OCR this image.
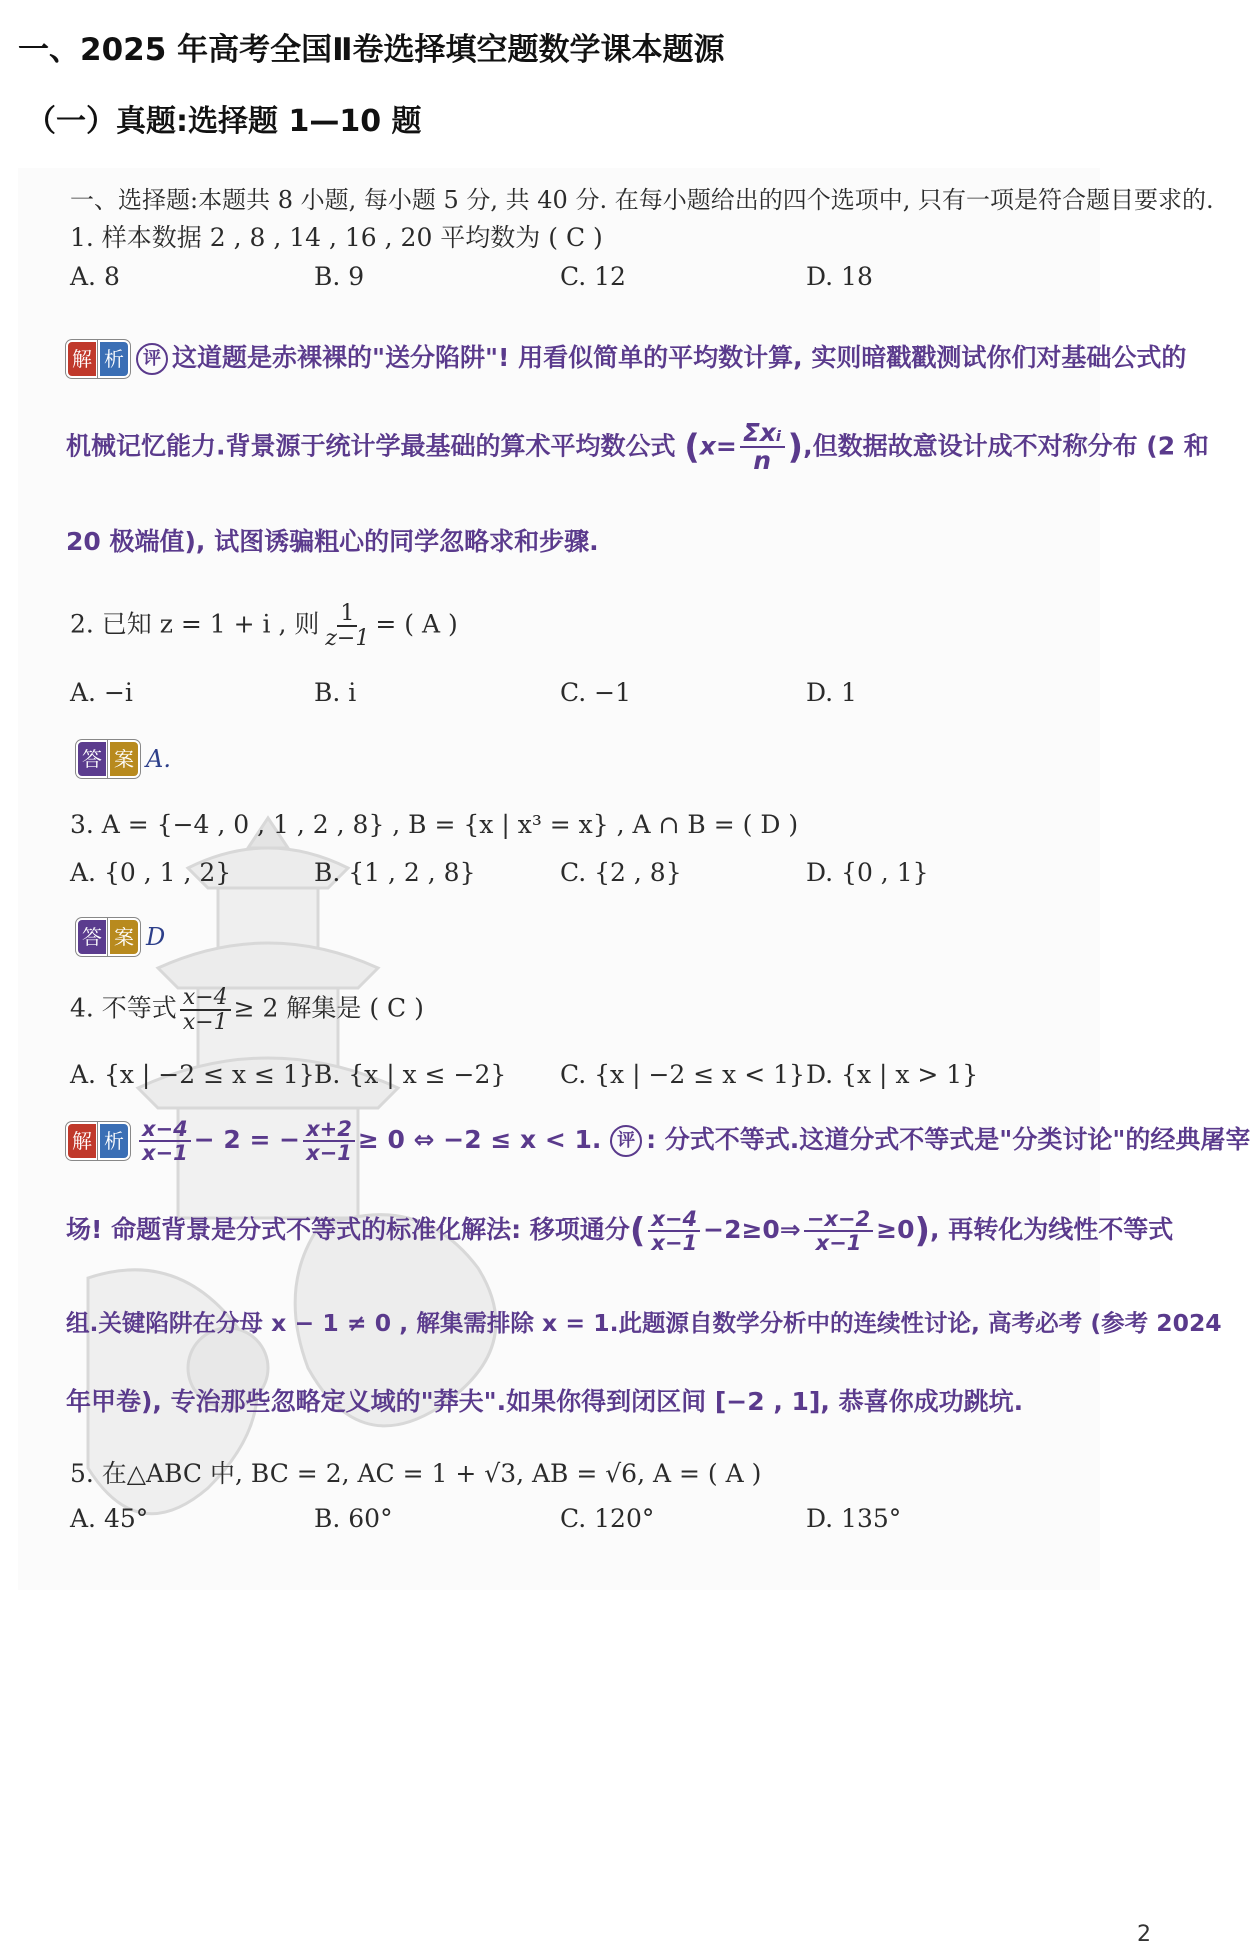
一、2025 年高考全国Ⅱ卷选择填空题数学课本题源
（一）真题:选择题 1—10 题
一、选择题:本题共 8 小题, 每小题 5 分, 共 40 分. 在每小题给出的四个选项中, 只有一项是符合题目要求的.
1. 样本数据 2 , 8 , 14 , 16 , 20 平均数为 ( C )
A. 8	B. 9	C. 12	D. 18
解 析	评 这道题是赤裸裸的"送分陷阱"! 用看似简单的平均数计算, 实则暗戳戳测试你们对基础公式的
机械记忆能力.背景源于统计学最基础的算术平均数公式 ($x= \frac{\text{Σxᵢ}}{n}$ ),但数据故意设计成不对称分布 (2 和
20 极端值), 试图诱骗粗心的同学忽略求和步骤.
2. 已知 z = 1 + i , 则 $\frac{1}{z-1}$ = ( A )
A. −i	B. i	C. −1	D. 1
答 案 A.
3. A = {−4 , 0 , 1 , 2 , 8} , B = {x | x³ = x} , A ∩ B = ( D )
A. {0 , 1 , 2}	B. {1 , 2 , 8}	C. {2 , 8}	D. {0 , 1}
答 案 D
4. 不等式 $\frac{x-4}{x-1} \ge 2$ 解集是 ( C )
A. {x | −2 ≤ x ≤ 1} B. {x | x ≤ −2} C. {x | −2 ≤ x < 1} D. {x | x > 1}
解 析 $\frac{x-4}{x-1} - 2$ = − $\frac{x+2}{x-1} \ge 0$ ⇔ −2 ≤ x < 1. 评 : 分式不等式.这道分式不等式是"分类讨论"的经典屠宰
场! 命题背景是分式不等式的标准化解法: 移项通分( $\frac{x-4}{x-1}$ −2≥0⇒ $\frac{-x-2}{x-1} \ge 0$), 再转化为线性不等式
组.关键陷阱在分母 x − 1 ≠ 0 , 解集需排除 x = 1.此题源自数学分析中的连续性讨论, 高考必考 (参考 2024
年甲卷), 专治那些忽略定义域的"莽夫".如果你得到闭区间 [−2 , 1], 恭喜你成功跳坑.
5. 在△ABC 中, BC = 2, AC = 1 + √3, AB = √6, A = ( A )
A. 45°	B. 60°	C. 120°	D. 135°
2
